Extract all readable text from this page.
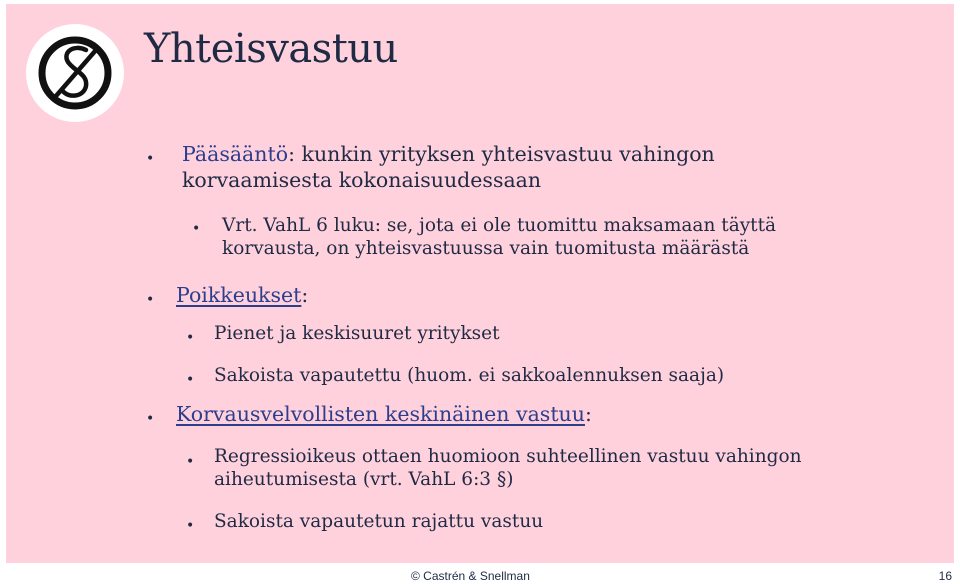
Yhteisvastuu
• Pääsääntö: kunkin yrityksen yhteisvastuu vahingon korvaamisesta kokonaisuudessaan

• Vrt. VahL 6 luku: se, jota ei ole tuomittu maksamaan täyttä korvausta, on yhteisvastuussa vain tuomitusta määrästä

• Poikkeukset:

• Pienet ja keskisuuret yritykset

• Sakoista vapautettu (huom. ei sakkoalennuksen saaja)

• Korvausvelvollisten keskinäinen vastuu:

• Regressioikeus ottaen huomioon suhteellinen vastuu vahingon aiheutumisesta (vrt. VahL 6:3 §)

• Sakoista vapautetun rajattu vastuu

© Castrén & Snellman	16
